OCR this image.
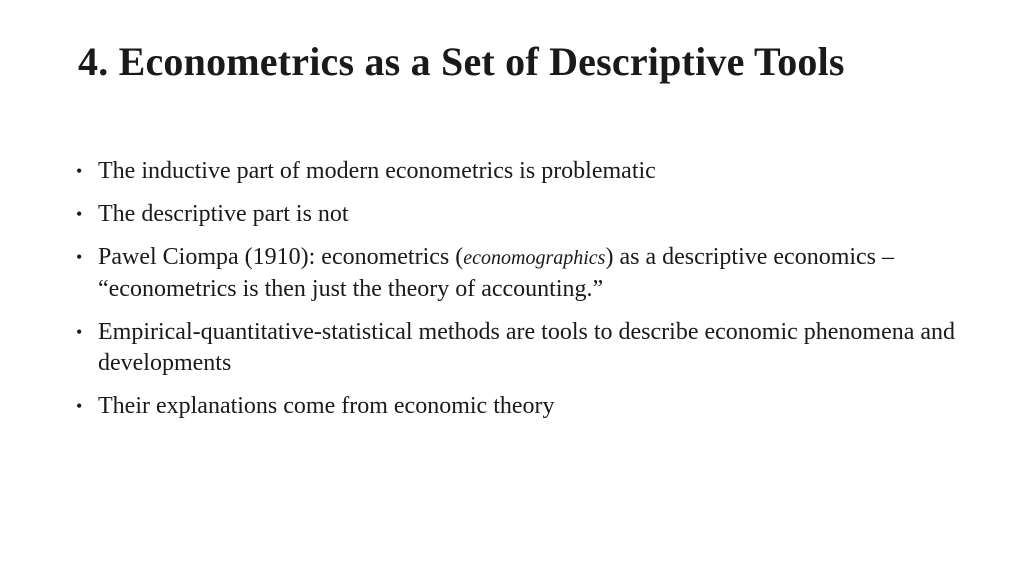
4. Econometrics as a Set of Descriptive Tools
• The inductive part of modern econometrics is problematic
• The descriptive part is not
• Pawel Ciompa (1910): econometrics (economographics) as a descriptive economics – “econometrics is then just the theory of accounting.”
• Empirical-quantitative-statistical methods are tools to describe economic phenomena and developments
• Their explanations come from economic theory
